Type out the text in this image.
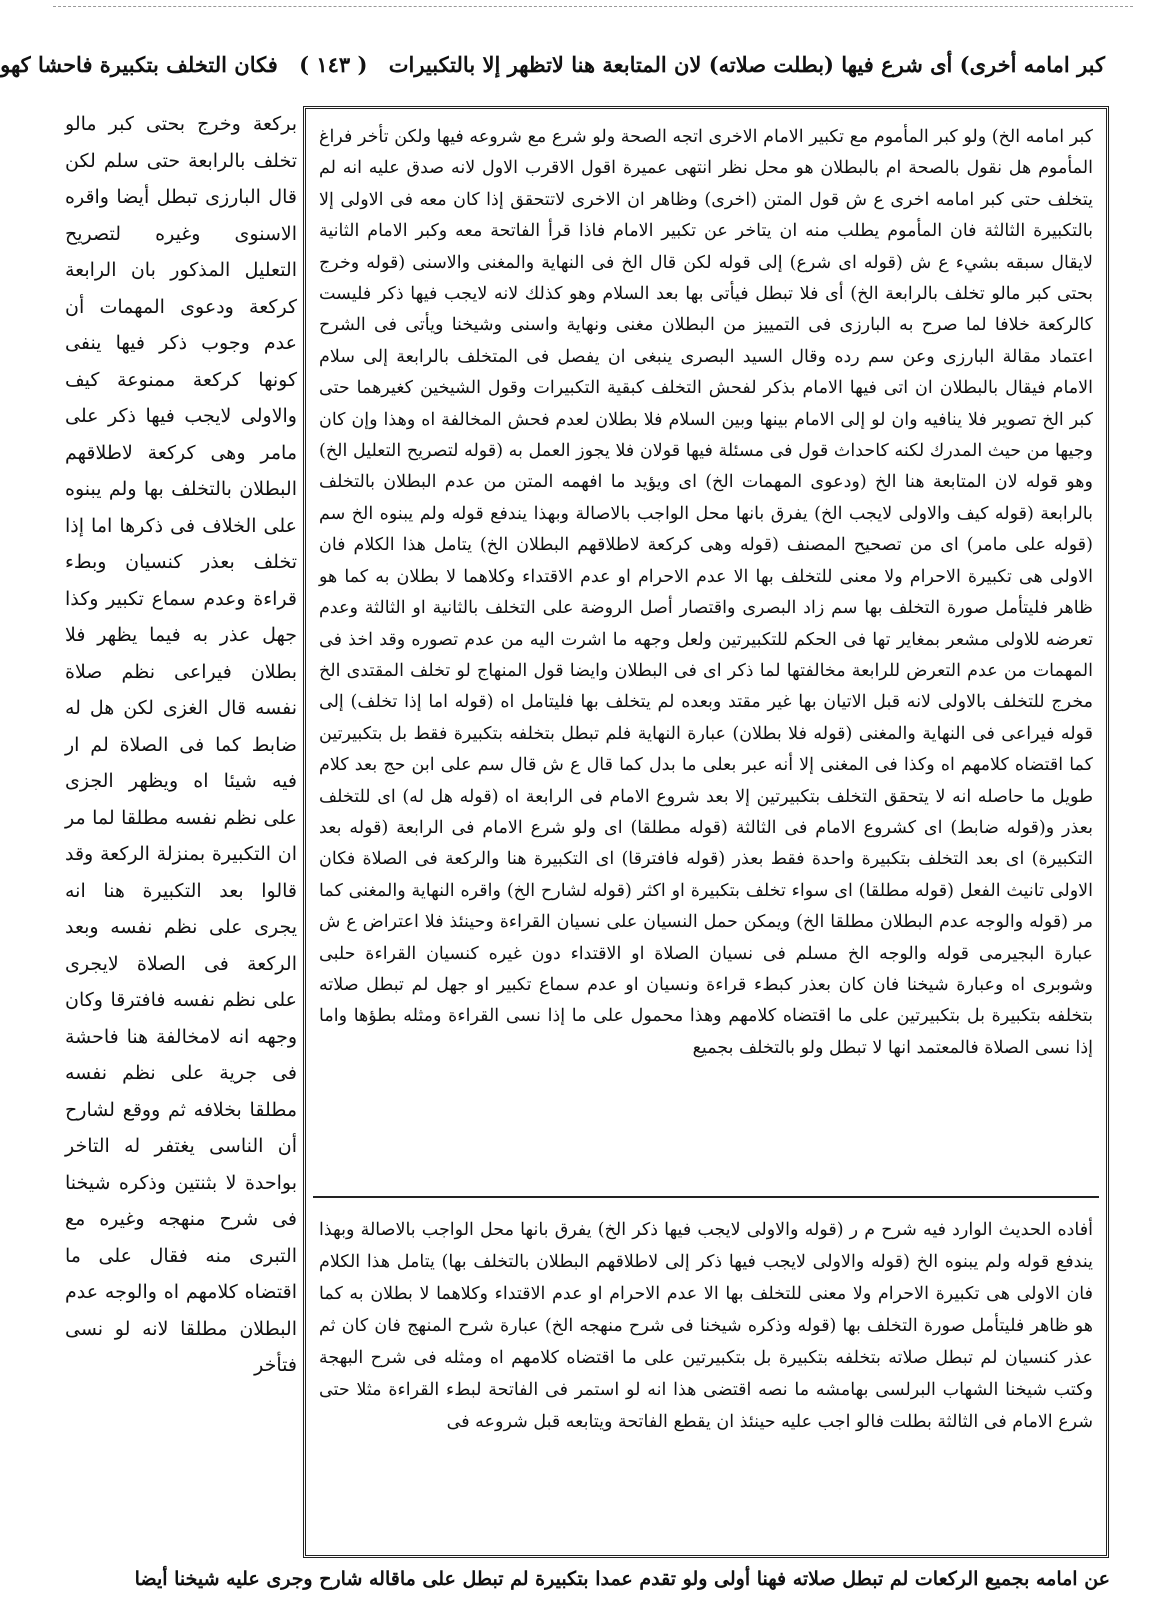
كبر امامه أخرى) أى شرع فيها (بطلت صلاته) لان المتابعة هنا لاتظهر إلا بالتكبيرات ( ١٤٣ ) فكان التخلف بتكبيرة فاحشا كهو

كبر امامه الخ) ولو كبر المأموم مع تكبير الامام الاخرى اتجه الصحة ولو شرع مع شروعه فيها ولكن تأخر فراغ المأموم هل نقول بالصحة ام بالبطلان هو محل نظر انتهى عميرة اقول الاقرب الاول لانه صدق عليه انه لم يتخلف حتى كبر امامه اخرى ع ش قول المتن (اخرى) وظاهر ان الاخرى لاتتحقق إذا كان معه فى الاولى إلا بالتكبيرة الثالثة فان المأموم يطلب منه ان يتاخر عن تكبير الامام فاذا قرأ الفاتحة معه وكبر الامام الثانية لايقال سبقه بشيء ع ش (قوله اى شرع) إلى قوله لكن قال الخ فى النهاية والمغنى والاسنى (قوله وخرج بحتى كبر مالو تخلف بالرابعة الخ) أى فلا تبطل فيأتى بها بعد السلام وهو كذلك لانه لايجب فيها ذكر فليست كالركعة خلافا لما صرح به البارزى فى التمييز من البطلان مغنى ونهاية واسنى وشيخنا ويأتى فى الشرح اعتماد مقالة البارزى وعن سم رده وقال السيد البصرى ينبغى ان يفصل فى المتخلف بالرابعة إلى سلام الامام فيقال بالبطلان ان اتى فيها الامام بذكر لفحش التخلف كبقية التكبيرات وقول الشيخين كغيرهما حتى كبر الخ تصوير فلا ينافيه وان لو إلى الامام بينها وبين السلام فلا بطلان لعدم فحش المخالفة اه وهذا وإن كان وجيها من حيث المدرك لكنه كاحداث قول فى مسئلة فيها قولان فلا يجوز العمل به (قوله لتصريح التعليل الخ) وهو قوله لان المتابعة هنا الخ (ودعوى المهمات الخ) اى ويؤيد ما افهمه المتن من عدم البطلان بالتخلف بالرابعة (قوله كيف والاولى لايجب الخ) يفرق بانها محل الواجب بالاصالة وبهذا يندفع قوله ولم يبنوه الخ سم (قوله على مامر) اى من تصحيح المصنف (قوله وهى كركعة لاطلاقهم البطلان الخ) يتامل هذا الكلام فان الاولى هى تكبيرة الاحرام ولا معنى للتخلف بها الا عدم الاحرام او عدم الاقتداء وكلاهما لا بطلان به كما هو ظاهر فليتأمل صورة التخلف بها سم زاد البصرى واقتصار أصل الروضة على التخلف بالثانية او الثالثة وعدم تعرضه للاولى مشعر بمغاير تها فى الحكم للتكبيرتين ولعل وجهه ما اشرت اليه من عدم تصوره وقد اخذ فى المهمات من عدم التعرض للرابعة مخالفتها لما ذكر اى فى البطلان وايضا قول المنهاج لو تخلف المقتدى الخ مخرج للتخلف بالاولى لانه قبل الاتيان بها غير مقتد وبعده لم يتخلف بها فليتامل اه (قوله اما إذا تخلف) إلى قوله فيراعى فى النهاية والمغنى (قوله فلا بطلان) عبارة النهاية فلم تبطل بتخلفه بتكبيرة فقط بل بتكبيرتين كما اقتضاه كلامهم اه وكذا فى المغنى إلا أنه عبر بعلى ما بدل كما قال ع ش قال سم على ابن حج بعد كلام طويل ما حاصله انه لا يتحقق التخلف بتكبيرتين إلا بعد شروع الامام فى الرابعة اه (قوله هل له) اى للتخلف بعذر و(قوله ضابط) اى كشروع الامام فى الثالثة (قوله مطلقا) اى ولو شرع الامام فى الرابعة (قوله بعد التكبيرة) اى بعد التخلف بتكبيرة واحدة فقط بعذر (قوله فافترقا) اى التكبيرة هنا والركعة فى الصلاة فكان الاولى تانيث الفعل (قوله مطلقا) اى سواء تخلف بتكبيرة او اكثر (قوله لشارح الخ) واقره النهاية والمغنى كما مر (قوله والوجه عدم البطلان مطلقا الخ) ويمكن حمل النسيان على نسيان القراءة وحينئذ فلا اعتراض ع ش عبارة البجيرمى قوله والوجه الخ مسلم فى نسيان الصلاة او الاقتداء دون غيره كنسيان القراءة حلبى وشوبرى اه وعبارة شيخنا فان كان بعذر كبطء قراءة ونسيان او عدم سماع تكبير او جهل لم تبطل صلاته بتخلفه بتكبيرة بل بتكبيرتين على ما اقتضاه كلامهم وهذا محمول على ما إذا نسى القراءة ومثله بطؤها واما إذا نسى الصلاة فالمعتمد انها لا تبطل ولو بالتخلف بجميع

أفاده الحديث الوارد فيه شرح م ر (قوله والاولى لايجب فيها ذكر الخ) يفرق بانها محل الواجب بالاصالة وبهذا يندفع قوله ولم يبنوه الخ (قوله والاولى لايجب فيها ذكر إلى لاطلاقهم البطلان بالتخلف بها) يتامل هذا الكلام فان الاولى هى تكبيرة الاحرام ولا معنى للتخلف بها الا عدم الاحرام او عدم الاقتداء وكلاهما لا بطلان به كما هو ظاهر فليتأمل صورة التخلف بها (قوله وذكره شيخنا فى شرح منهجه الخ) عبارة شرح المنهج فان كان ثم عذر كنسيان لم تبطل صلاته بتخلفه بتكبيرة بل بتكبيرتين على ما اقتضاه كلامهم اه ومثله فى شرح البهجة وكتب شيخنا الشهاب البرلسى بهامشه ما نصه اقتضى هذا انه لو استمر فى الفاتحة لبطء القراءة مثلا حتى شرع الامام فى الثالثة بطلت فالو اجب عليه حينئذ ان يقطع الفاتحة ويتابعه قبل شروعه فى

بركعة وخرج بحتى كبر مالو تخلف بالرابعة حتى سلم لكن قال البارزى تبطل أيضا واقره الاسنوى وغيره لتصريح التعليل المذكور بان الرابعة كركعة ودعوى المهمات أن عدم وجوب ذكر فيها ينفى كونها كركعة ممنوعة كيف والاولى لايجب فيها ذكر على مامر وهى كركعة لاطلاقهم البطلان بالتخلف بها ولم يبنوه على الخلاف فى ذكرها اما إذا تخلف بعذر كنسيان وبطء قراءة وعدم سماع تكبير وكذا جهل عذر به فيما يظهر فلا بطلان فيراعى نظم صلاة نفسه قال الغزى لكن هل له ضابط كما فى الصلاة لم ار فيه شيئا اه ويظهر الجزى على نظم نفسه مطلقا لما مر ان التكبيرة بمنزلة الركعة وقد قالوا بعد التكبيرة هنا انه يجرى على نظم نفسه وبعد الركعة فى الصلاة لايجرى على نظم نفسه فافترقا وكان وجهه انه لامخالفة هنا فاحشة فى جرية على نظم نفسه مطلقا بخلافه ثم ووقع لشارح أن الناسى يغتفر له التاخر بواحدة لا بثنتين وذكره شيخنا فى شرح منهجه وغيره مع التبرى منه فقال على ما اقتضاه كلامهم اه والوجه عدم البطلان مطلقا لانه لو نسى فتأخر

عن امامه بجميع الركعات لم تبطل صلاته فهنا أولى ولو تقدم عمدا بتكبيرة لم تبطل على ماقاله شارح وجرى عليه شيخنا أيضا
